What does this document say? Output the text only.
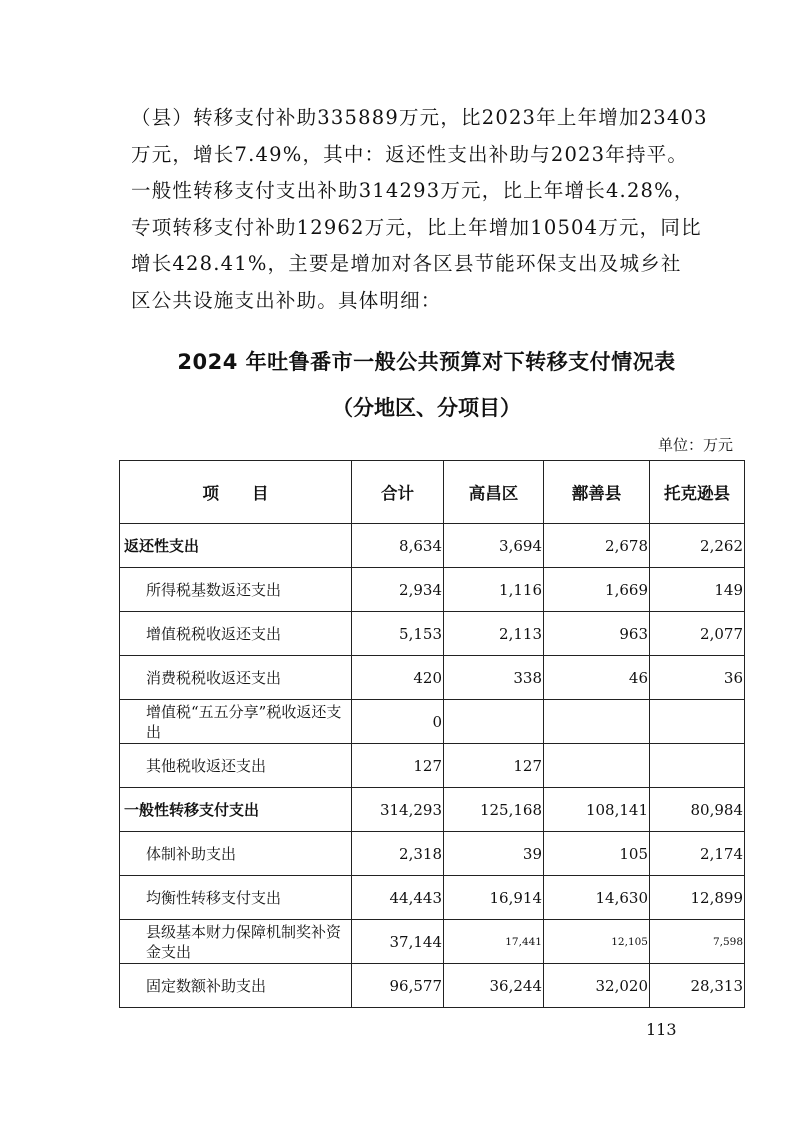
（县）转移支付补助335889万元，比2023年上年增加23403
万元，增长7.49%，其中：返还性支出补助与2023年持平。
一般性转移支付支出补助314293万元，比上年增长4.28%，
专项转移支付补助12962万元，比上年增加10504万元，同比
增长428.41%，主要是增加对各区县节能环保支出及城乡社
区公共设施支出补助。具体明细：
2024 年吐鲁番市一般公共预算对下转移支付情况表
（分地区、分项目）
单位：万元
项　　目	合计	高昌区	鄯善县	托克逊县
返还性支出	8,634	3,694	2,678	2,262
所得税基数返还支出	2,934	1,116	1,669	149
增值税税收返还支出	5,153	2,113	963	2,077
消费税税收返还支出	420	338	46	36
增值税“五五分享”税收返还支出	0			
其他税收返还支出	127	127		
一般性转移支付支出	314,293	125,168	108,141	80,984
体制补助支出	2,318	39	105	2,174
均衡性转移支付支出	44,443	16,914	14,630	12,899
县级基本财力保障机制奖补资金支出	37,144	17,441	12,105	7,598
固定数额补助支出	96,577	36,244	32,020	28,313
113
